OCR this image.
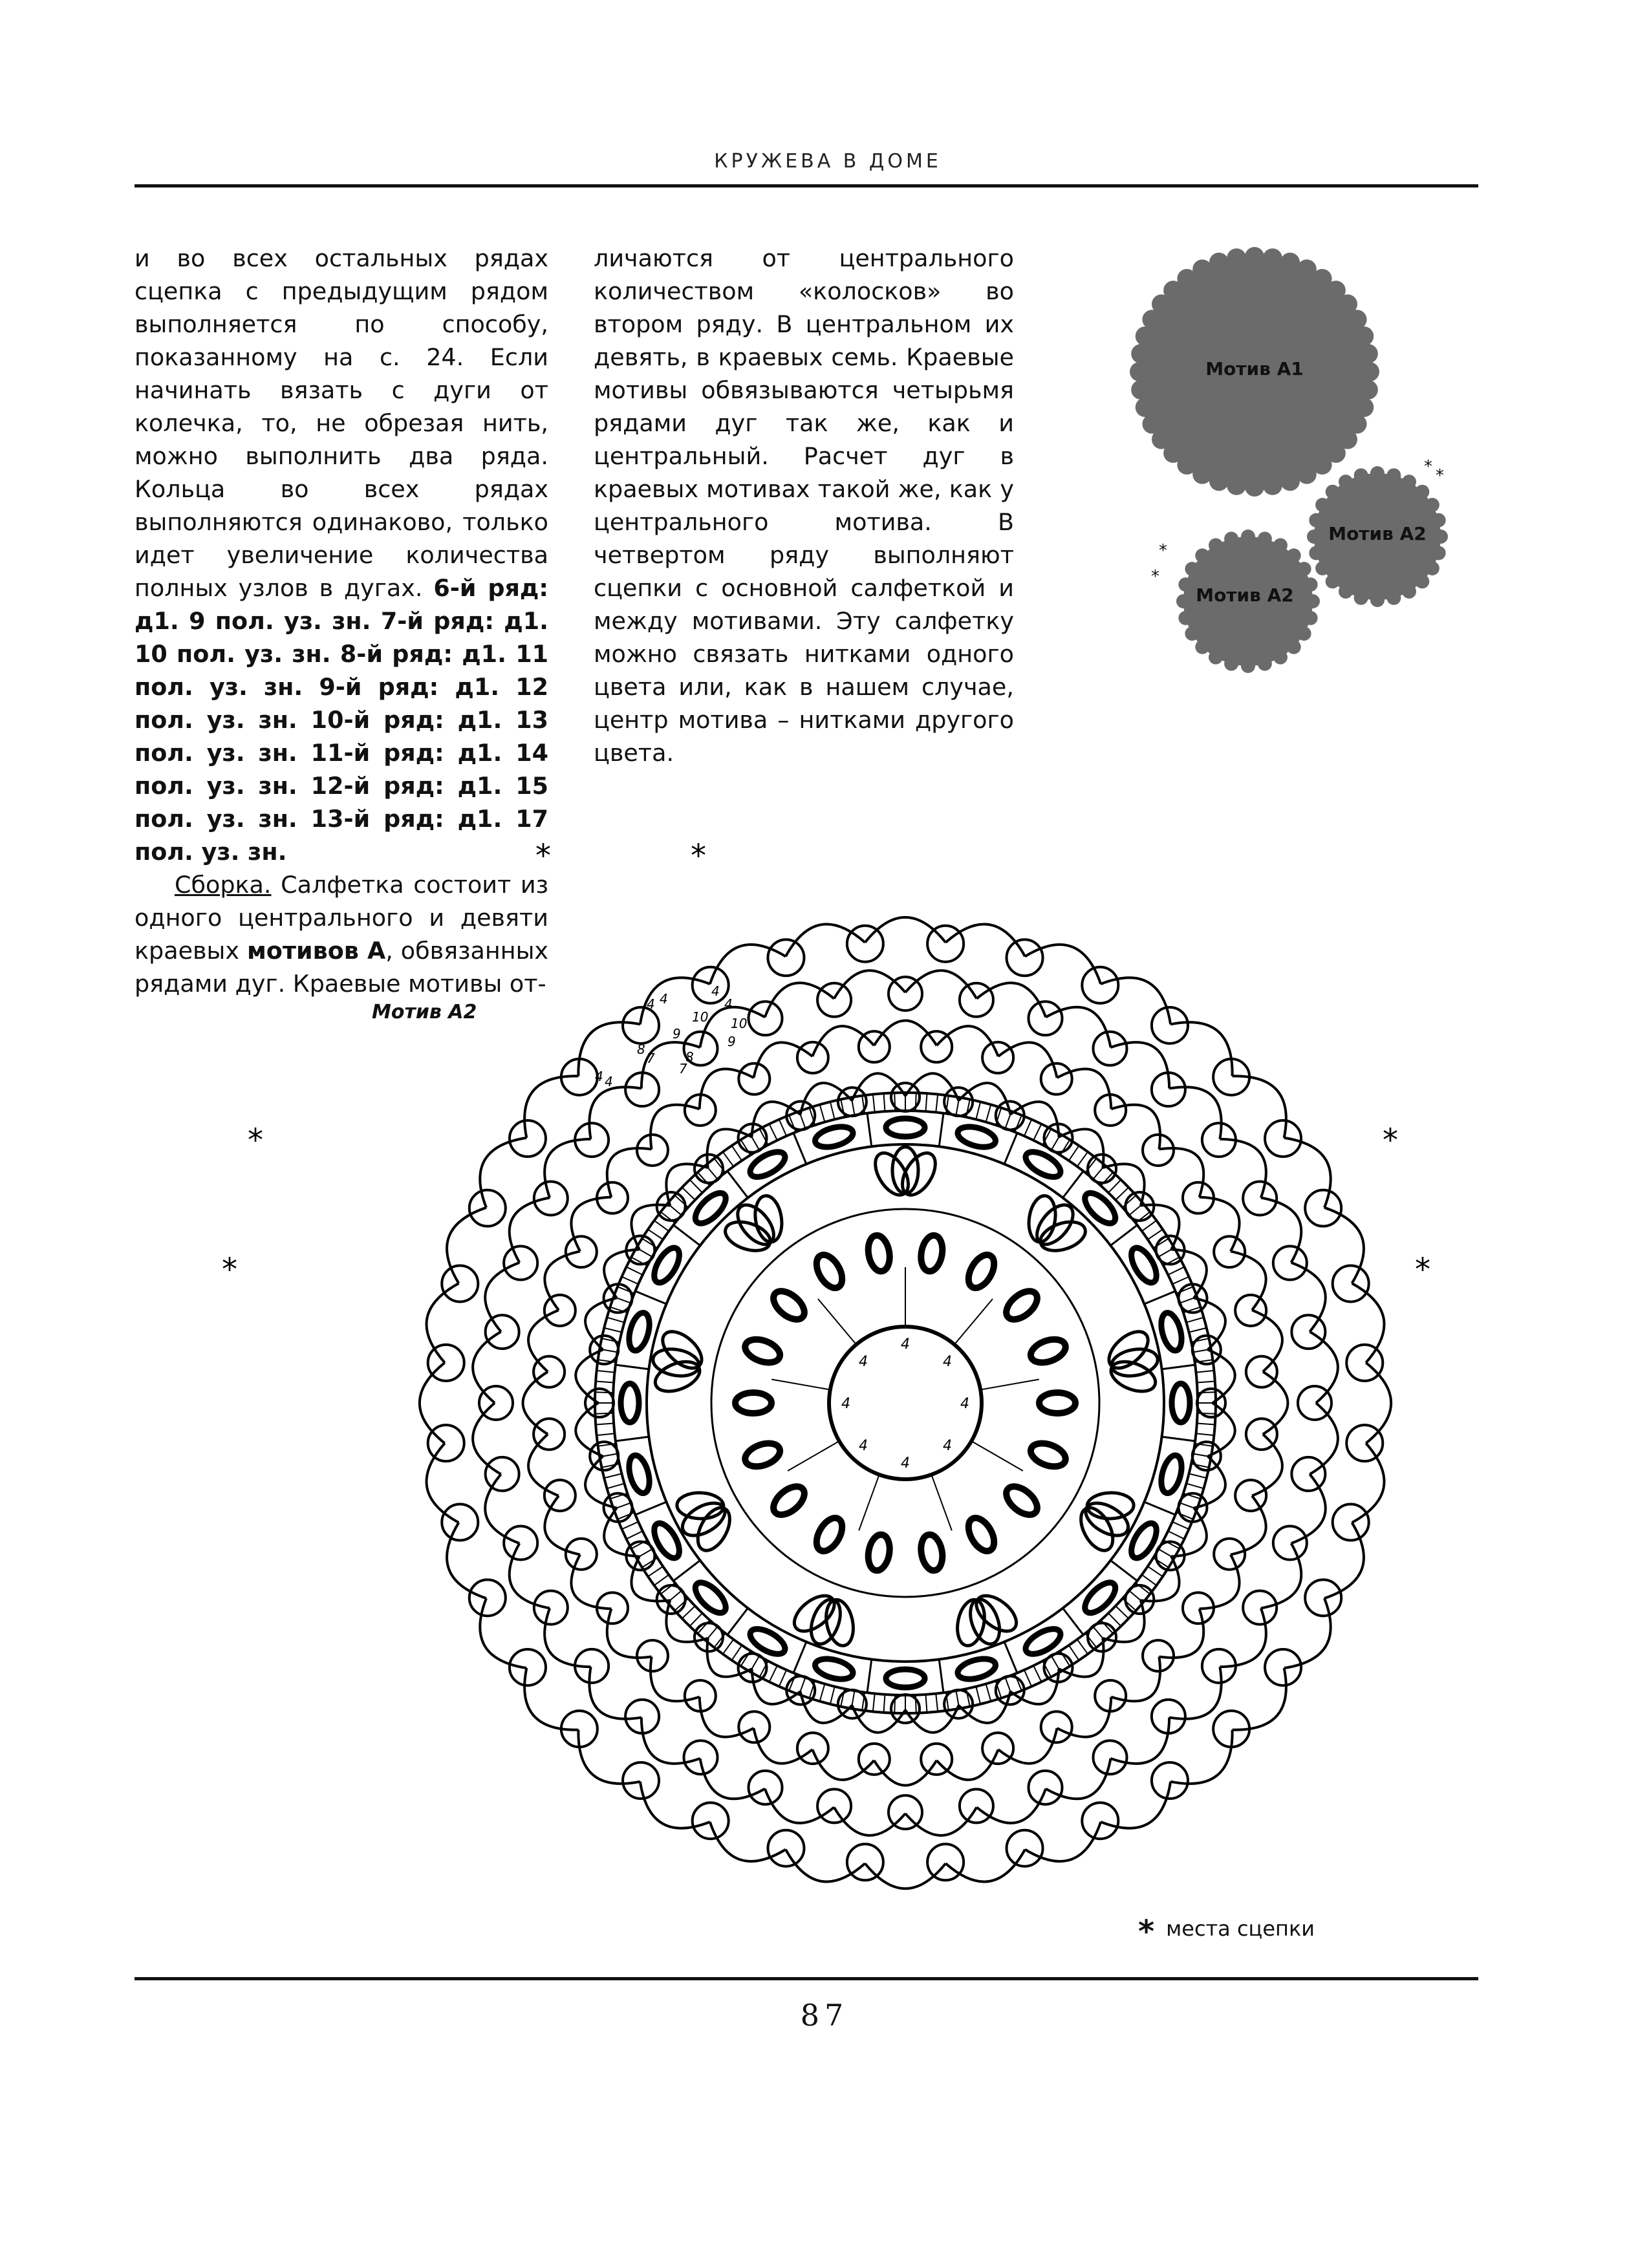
КРУЖЕВА В ДОМЕ

и во всех остальных рядах сцепка с предыдущим рядом выполняется по способу, показанному на с. 24. Если начинать вязать с дуги от колечка, то, не обрезая нить, можно выполнить два ряда. Кольца во всех рядах выполняются одинаково, только идет увеличение количества полных узлов в дугах. 6-й ряд: д1. 9 пол. уз. зн. 7-й ряд: д1. 10 пол. уз. зн. 8-й ряд: д1. 11 пол. уз. зн. 9-й ряд: д1. 12 пол. уз. зн. 10-й ряд: д1. 13 пол. уз. зн. 11-й ряд: д1. 14 пол. уз. зн. 12-й ряд: д1. 15 пол. уз. зн. 13-й ряд: д1. 17 пол. уз. зн.

Сборка. Салфетка состоит из одного центрального и девяти краевых мотивов А, обвязанных рядами дуг. Краевые мотивы от-

личаются от центрального количеством «колосков» во втором ряду. В центральном их девять, в краевых семь. Краевые мотивы обвязываются четырьмя рядами дуг так же, как и центральный. Расчет дуг в краевых мотивах такой же, как у центрального мотива. В четвертом ряду выполняют сцепки с основной салфеткой и между мотивами. Эту салфетку можно связать нитками одного цвета или, как в нашем случае, центр мотива – нитками другого цвета.

Мотив А1
Мотив А2
Мотив А2
* *
*
*
Мотив А2
4
4
4
4
4
4
4
4
4 4	4
4
10 10
9	9
8	8
7
7
4 4
*	*
*	*
*	*
* места сцепки
87
